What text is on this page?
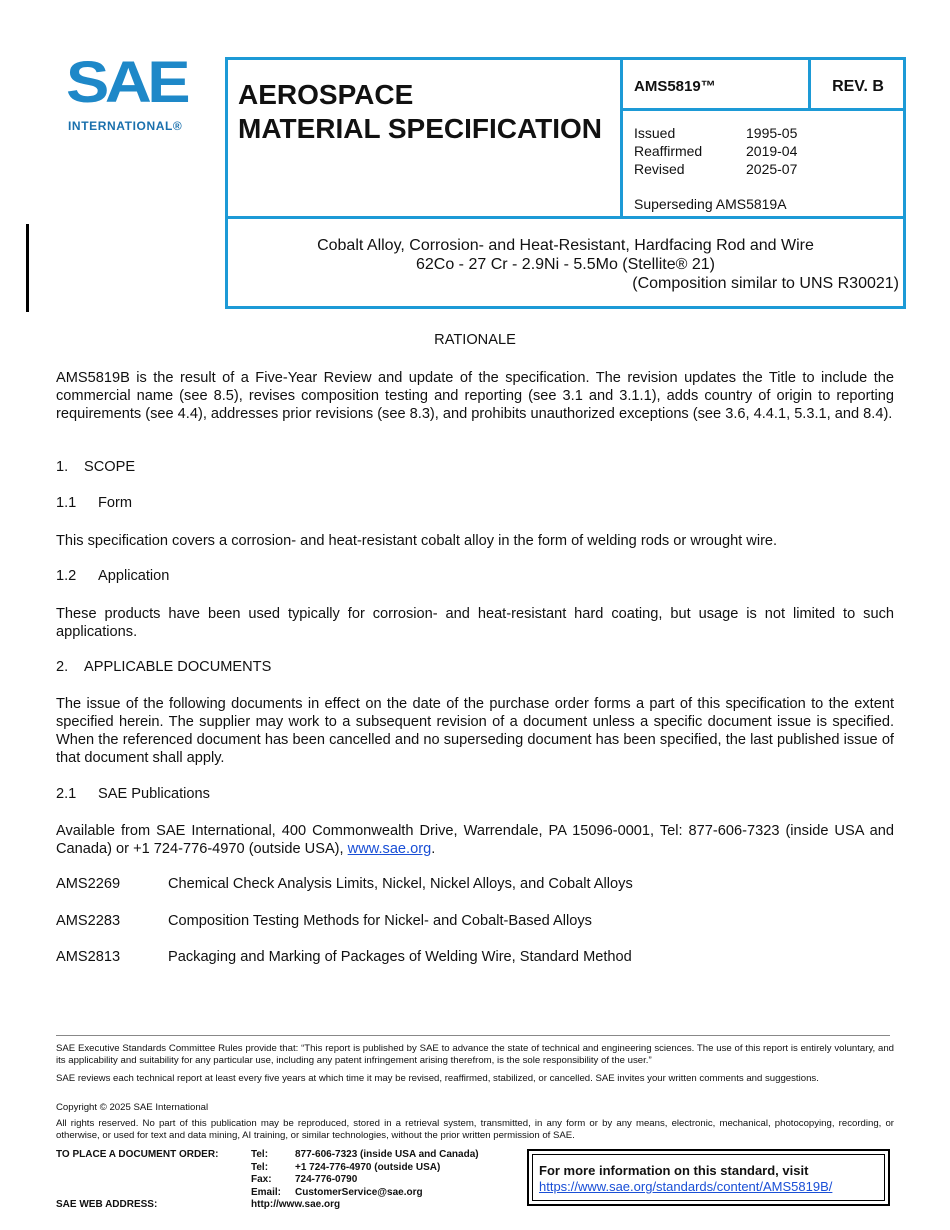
SAE
INTERNATIONAL®
AEROSPACE
MATERIAL SPECIFICATION
AMS5819™	REV. B
Issued	1995-05
Reaffirmed	2019-04
Revised	2025-07
Superseding AMS5819A
Cobalt Alloy, Corrosion- and Heat-Resistant, Hardfacing Rod and Wire
62Co - 27 Cr - 2.9Ni - 5.5Mo (Stellite® 21)
(Composition similar to UNS R30021)
RATIONALE
AMS5819B is the result of a Five-Year Review and update of the specification. The revision updates the Title to include the commercial name (see 8.5), revises composition testing and reporting (see 3.1 and 3.1.1), adds country of origin to reporting requirements (see 4.4), addresses prior revisions (see 8.3), and prohibits unauthorized exceptions (see 3.6, 4.4.1, 5.3.1, and 8.4).
1. SCOPE
1.1 Form
This specification covers a corrosion- and heat-resistant cobalt alloy in the form of welding rods or wrought wire.
1.2 Application
These products have been used typically for corrosion- and heat-resistant hard coating, but usage is not limited to such applications.
2. APPLICABLE DOCUMENTS
The issue of the following documents in effect on the date of the purchase order forms a part of this specification to the extent specified herein. The supplier may work to a subsequent revision of a document unless a specific document issue is specified. When the referenced document has been cancelled and no superseding document has been specified, the last published issue of that document shall apply.
2.1 SAE Publications
Available from SAE International, 400 Commonwealth Drive, Warrendale, PA 15096-0001, Tel: 877-606-7323 (inside USA and Canada) or +1 724-776-4970 (outside USA), www.sae.org.
AMS2269	Chemical Check Analysis Limits, Nickel, Nickel Alloys, and Cobalt Alloys
AMS2283	Composition Testing Methods for Nickel- and Cobalt-Based Alloys
AMS2813	Packaging and Marking of Packages of Welding Wire, Standard Method
SAE Executive Standards Committee Rules provide that: “This report is published by SAE to advance the state of technical and engineering sciences. The use of this report is entirely voluntary, and its applicability and suitability for any particular use, including any patent infringement arising therefrom, is the sole responsibility of the user.”
SAE reviews each technical report at least every five years at which time it may be revised, reaffirmed, stabilized, or cancelled. SAE invites your written comments and suggestions.
Copyright © 2025 SAE International
All rights reserved. No part of this publication may be reproduced, stored in a retrieval system, transmitted, in any form or by any means, electronic, mechanical, photocopying, recording, or otherwise, or used for text and data mining, AI training, or similar technologies, without the prior written permission of SAE.
TO PLACE A DOCUMENT ORDER:	Tel:	877-606-7323 (inside USA and Canada)
Tel:	+1 724-776-4970 (outside USA)
Fax: 724-776-0790
Email: CustomerService@sae.org
SAE WEB ADDRESS:	http://www.sae.org
For more information on this standard, visit
https://www.sae.org/standards/content/AMS5819B/
